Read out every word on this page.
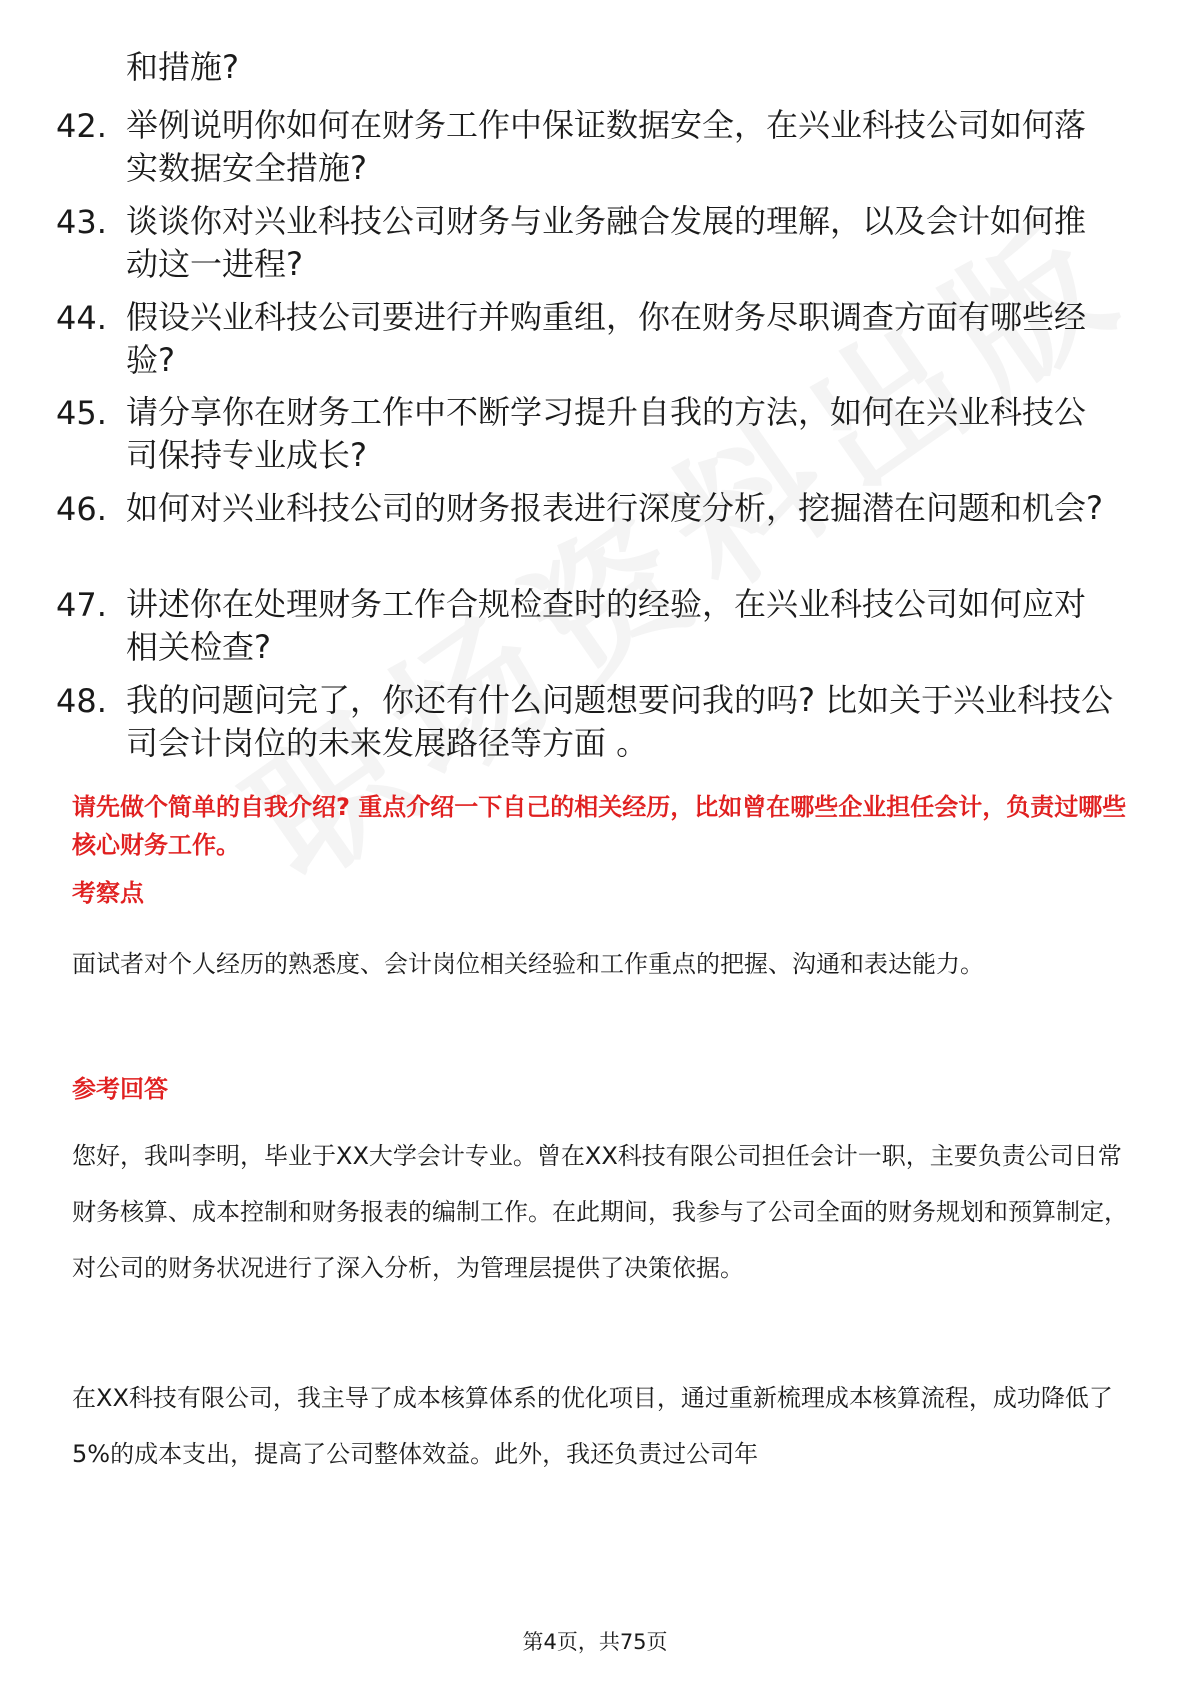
和措施?
42. 举例说明你如何在财务工作中保证数据安全，在兴业科技公司如何落实数据安全措施?
43. 谈谈你对兴业科技公司财务与业务融合发展的理解，以及会计如何推动这一进程?
44. 假设兴业科技公司要进行并购重组，你在财务尽职调查方面有哪些经验?
45. 请分享你在财务工作中不断学习提升自我的方法，如何在兴业科技公司保持专业成长?
46. 如何对兴业科技公司的财务报表进行深度分析，挖掘潜在问题和机会?
47. 讲述你在处理财务工作合规检查时的经验，在兴业科技公司如何应对相关检查?
48. 我的问题问完了，你还有什么问题想要问我的吗? 比如关于兴业科技公司会计岗位的未来发展路径等方面 。
请先做个简单的自我介绍? 重点介绍一下自己的相关经历，比如曾在哪些企业担任会计，负责过哪些核心财务工作。
考察点
面试者对个人经历的熟悉度、会计岗位相关经验和工作重点的把握、沟通和表达能力。
参考回答
您好，我叫李明，毕业于XX大学会计专业。曾在XX科技有限公司担任会计一职，主要负责公司日常财务核算、成本控制和财务报表的编制工作。在此期间，我参与了公司全面的财务规划和预算制定，对公司的财务状况进行了深入分析，为管理层提供了决策依据。
在XX科技有限公司，我主导了成本核算体系的优化项目，通过重新梳理成本核算流程，成功降低了5%的成本支出，提高了公司整体效益。此外，我还负责过公司年
第4页，共75页
